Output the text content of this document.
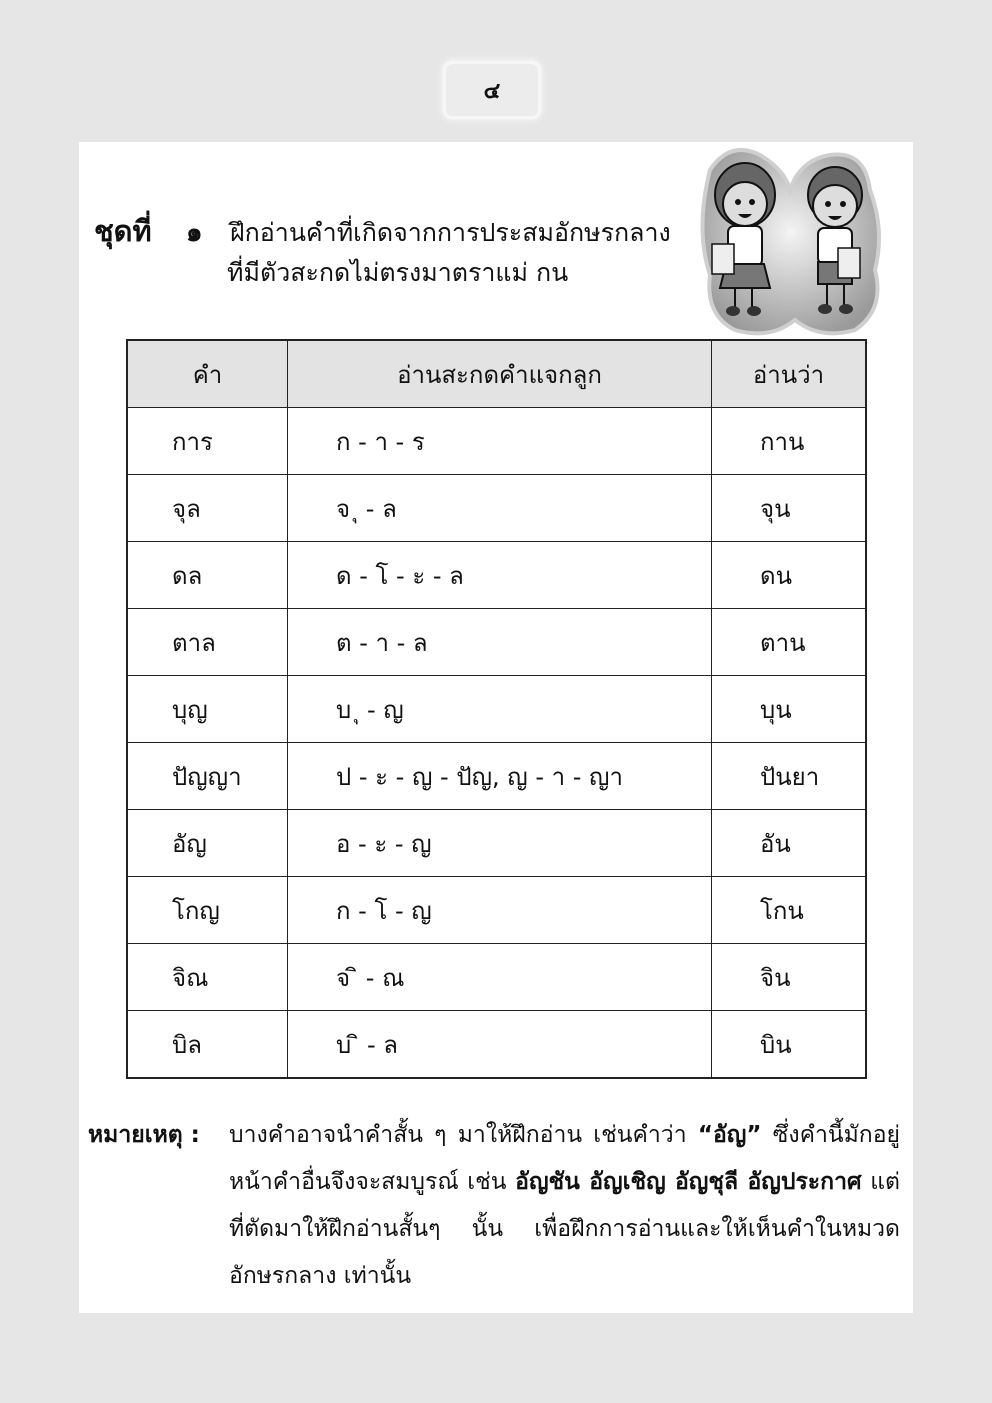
๔
ชุดที่ ๑ ฝึกอ่านคำที่เกิดจากการประสมอักษรกลาง
ที่มีตัวสะกดไม่ตรงมาตราแม่ กน
คำ	อ่านสะกดคำแจกลูก	อ่านว่า
การ	ก - า - ร	กาน
จุล	จ ุ - ล	จุน
ดล	ด - โ - ะ - ล	ดน
ตาล	ต - า - ล	ตาน
บุญ	บ ุ - ญ	บุน
ปัญญา	ป - ะ - ญ - ปัญ, ญ - า - ญา	ปันยา
อัญ	อ - ะ - ญ	อัน
โกญ	ก - โ - ญ	โกน
จิณ	จ ิ - ณ	จิน
บิล	บ ิ - ล	บิน
หมายเหตุ : บางคำอาจนำคำสั้น ๆ มาให้ฝึกอ่าน เช่นคำว่า “อัญ” ซึ่งคำนี้มักอยู่หน้าคำอื่นจึงจะสมบูรณ์ เช่น อัญชัน อัญเชิญ อัญชุลี อัญประกาศ แต่ที่ตัดมาให้ฝึกอ่านสั้นๆ นั้น เพื่อฝึกการอ่านและให้เห็นคำในหมวดอักษรกลาง เท่านั้น
